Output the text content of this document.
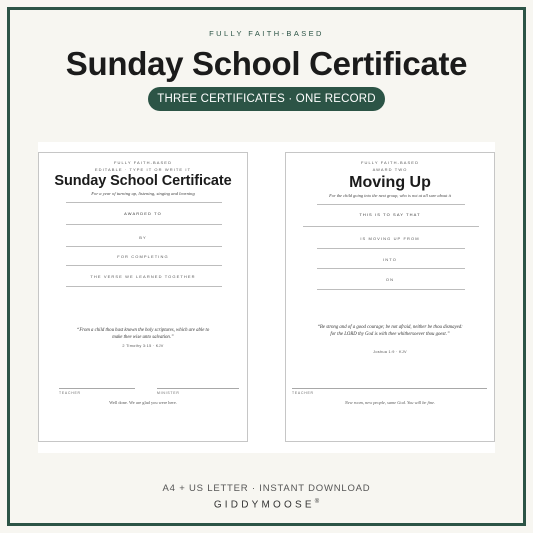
FULLY FAITH-BASED
Sunday School Certificate
THREE CERTIFICATES · ONE RECORD
FULLY FAITH-BASED
EDITABLE · TYPE IT OR WRITE IT
Sunday School Certificate
For a year of turning up, listening, singing and learning
AWARDED TO
BY
FOR COMPLETING
THE VERSE WE LEARNED TOGETHER
“From a child thou hast known the holy scriptures, which are able to make thee wise unto salvation.”
2 Timothy 3:15 · KJV
TEACHER	MINISTER
Well done. We are glad you were here.
FULLY FAITH-BASED
AWARD TWO
Moving Up
For the child going into the next group, who is not at all sure about it
THIS IS TO SAY THAT
IS MOVING UP FROM
INTO
ON
“Be strong and of a good courage; be not afraid, neither be thou dismayed: for the LORD thy God is with thee whithersoever thou goest.”
Joshua 1:9 · KJV
TEACHER
New room, new people, same God. You will be fine.
A4 + US LETTER · INSTANT DOWNLOAD
GIDDYMOOSE®
